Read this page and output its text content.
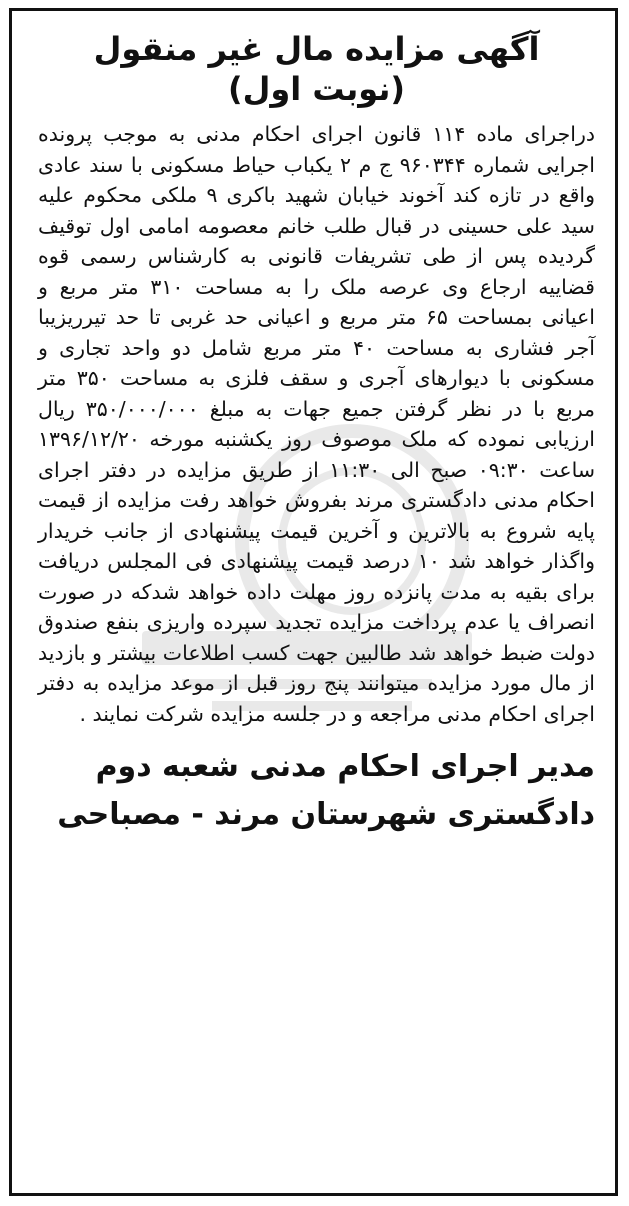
آگهی مزایده مال غیر منقول
(نوبت اول)

دراجرای ماده ۱۱۴ قانون اجرای احکام مدنی به موجب پرونده اجرایی شماره ۹۶۰۳۴۴ ج م ۲ یکباب حیاط مسکونی با سند عادی واقع در تازه کند آخوند خیابان شهید باکری ۹ ملکی محکوم علیه سید علی حسینی در قبال طلب خانم معصومه امامی اول توقیف گردیده پس از طی تشریفات قانونی به کارشناس رسمی قوه قضاییه ارجاع وی عرصه ملک را به مساحت ۳۱۰ متر مربع و اعیانی بمساحت ۶۵ متر مربع و اعیانی حد غربی تا حد تیرریزیبا آجر فشاری به مساحت ۴۰ متر مربع شامل دو واحد تجاری و مسکونی با دیوارهای آجری و سقف فلزی به مساحت ۳۵۰ متر مربع با در نظر گرفتن جمیع جهات به مبلغ ۳۵۰/۰۰۰/۰۰۰ ریال ارزیابی نموده که ملک موصوف روز یکشنبه مورخه ۱۳۹۶/۱۲/۲۰ ساعت ۰۹:۳۰ صبح الی ۱۱:۳۰ از طریق مزایده در دفتر اجرای احکام مدنی دادگستری مرند بفروش خواهد رفت مزایده از قیمت پایه شروع به بالاترین و آخرین قیمت پیشنهادی از جانب خریدار واگذار خواهد شد ۱۰ درصد قیمت پیشنهادی فی المجلس دریافت برای بقیه به مدت پانزده روز مهلت داده خواهد شدکه در صورت انصراف یا عدم پرداخت مزایده تجدید سپرده واریزی بنفع صندوق دولت ضبط خواهد شد طالبین جهت کسب اطلاعات بیشتر و بازدید از مال مورد مزایده میتوانند پنج روز قبل از موعد مزایده به دفتر اجرای احکام مدنی مراجعه و در جلسه مزایده شرکت نمایند .

مدیر اجرای احکام مدنی شعبه دوم
دادگستری شهرستان مرند - مصباحی
